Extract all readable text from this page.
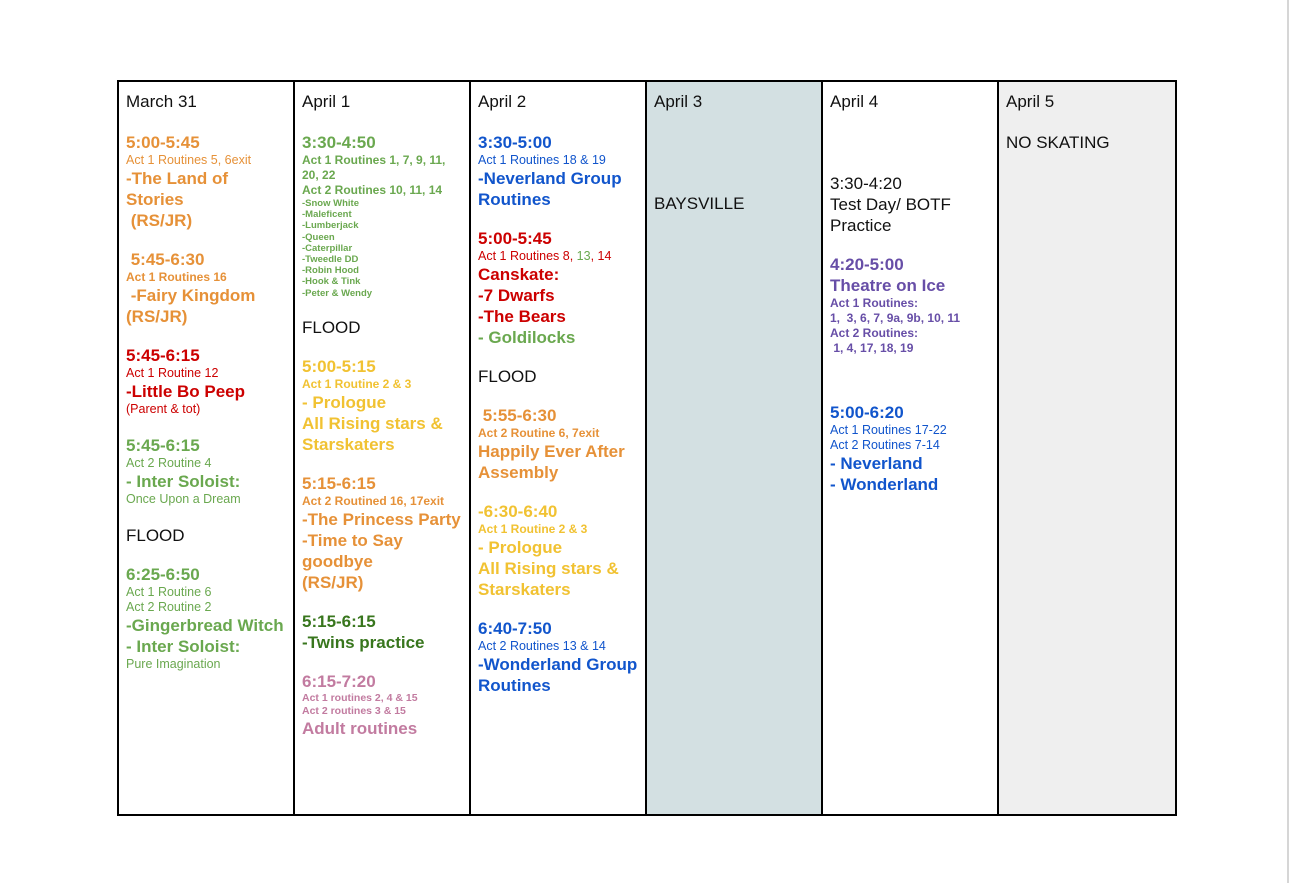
March 31
5:00-5:45
Act 1 Routines 5, 6exit
-The Land of Stories
(RS/JR)
5:45-6:30
Act 1 Routines 16
-Fairy Kingdom (RS/JR)
5:45-6:15
Act 1 Routine 12
-Little Bo Peep
(Parent & tot)
5:45-6:15
Act 2 Routine 4
- Inter Soloist:
Once Upon a Dream
FLOOD
6:25-6:50
Act 1 Routine 6
Act 2 Routine 2
-Gingerbread Witch
- Inter Soloist:
Pure Imagination

April 1
3:30-4:50
Act 1 Routines 1, 7, 9, 11, 20, 22
Act 2 Routines 10, 11, 14
-Snow White
-Maleficent
-Lumberjack
-Queen
-Caterpillar
-Tweedle DD
-Robin Hood
-Hook & Tink
-Peter & Wendy
FLOOD
5:00-5:15
Act 1 Routine 2 & 3
- Prologue
All Rising stars & Starskaters
5:15-6:15
Act 2 Routined 16, 17exit
-The Princess Party
-Time to Say goodbye
(RS/JR)
5:15-6:15
-Twins practice
6:15-7:20
Act 1 routines 2, 4 & 15
Act 2 routines 3 & 15
Adult routines

April 2
3:30-5:00
Act 1 Routines 18 & 19
-Neverland Group Routines
5:00-5:45
Act 1 Routines 8, 13, 14
Canskate:
-7 Dwarfs
-The Bears
- Goldilocks
FLOOD
5:55-6:30
Act 2 Routine 6, 7exit
Happily Ever After Assembly
-6:30-6:40
Act 1 Routine 2 & 3
- Prologue
All Rising stars & Starskaters
6:40-7:50
Act 2 Routines 13 & 14
-Wonderland Group Routines

April 3
BAYSVILLE

April 4
3:30-4:20
Test Day/ BOTF Practice
4:20-5:00
Theatre on Ice
Act 1 Routines:
1,  3, 6, 7, 9a, 9b, 10, 11
Act 2 Routines:
1, 4, 17, 18, 19
5:00-6:20
Act 1 Routines 17-22
Act 2 Routines 7-14
- Neverland
- Wonderland

April 5
NO SKATING
